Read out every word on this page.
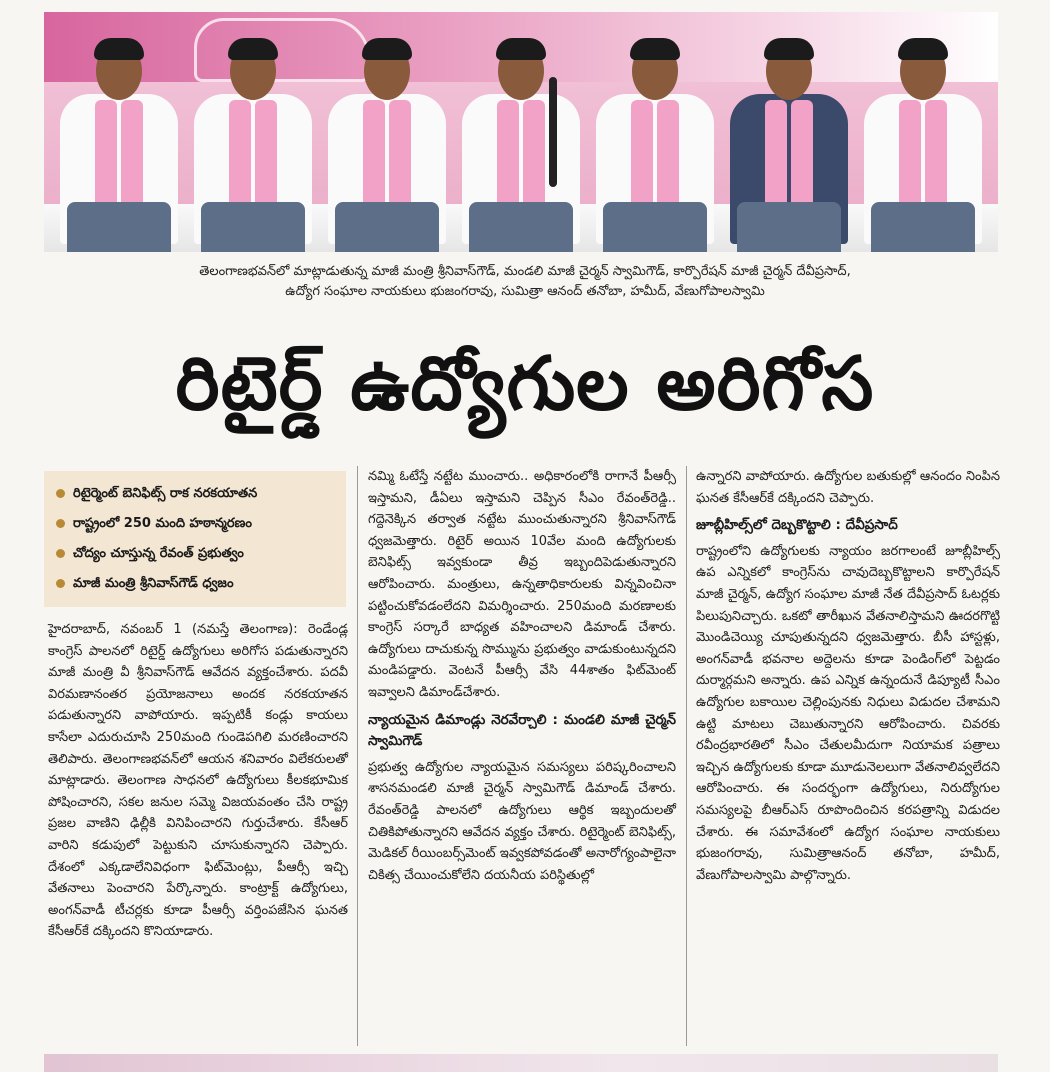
తెలంగాణభవన్‌లో మాట్లాడుతున్న మాజీ మంత్రి శ్రీనివాస్‌గౌడ్, మండలి మాజీ చైర్మన్ స్వామిగౌడ్, కార్పొరేషన్ మాజీ చైర్మన్ దేవీప్రసాద్,
ఉద్యోగ సంఘాల నాయకులు భుజంగరావు, సుమిత్రా ఆనంద్ తనోబా, హమీద్, వేణుగోపాలస్వామి
రిటైర్డ్ ఉద్యోగుల అరిగోస
రిటైర్మెంట్ బెనిఫిట్స్ రాక నరకయాతన
రాష్ట్రంలో 250 మంది హఠాన్మరణం
చోద్యం చూస్తున్న రేవంత్ ప్రభుత్వం
మాజీ మంత్రి శ్రీనివాస్‌గౌడ్ ధ్వజం

హైదరాబాద్, నవంబర్ 1 (నమస్తే తెలంగాణ): రెండేండ్ల కాంగ్రెస్ పాలనలో రిటైర్డ్ ఉద్యోగులు అరిగోస పడుతున్నారని మాజీ మంత్రి వీ శ్రీనివాస్‌గౌడ్ ఆవేదన వ్యక్తంచేశారు. పదవీ విరమణానంతర ప్రయోజనాలు అందక నరకయాతన పడుతున్నారని వాపోయారు. ఇప్పటికీ కండ్లు కాయలు కాసేలా ఎదురుచూసి 250మంది గుండెపగిలి మరణించారని తెలిపారు. తెలంగాణభవన్‌లో ఆయన శనివారం విలేకరులతో మాట్లాడారు. తెలంగాణ సాధనలో ఉద్యోగులు కీలకభూమిక పోషించారని, సకల జనుల సమ్మె విజయవంతం చేసి రాష్ట్ర ప్రజల వాణిని ఢిల్లీకి వినిపించారని గుర్తుచేశారు. కేసీఆర్ వారిని కడుపులో పెట్టుకుని చూసుకున్నారని చెప్పారు. దేశంలో ఎక్కడాలేనివిధంగా ఫిట్‌మెంట్లు, పీఆర్సీ ఇచ్చి వేతనాలు పెంచారని పేర్కొన్నారు. కాంట్రాక్ట్ ఉద్యోగులు, అంగన్‌వాడీ టీచర్లకు కూడా పీఆర్సీ వర్తింపజేసిన ఘనత కేసీఆర్‌కే దక్కిందని కొనియాడారు.

నమ్మి ఓటేస్తే నట్టేట ముంచారు.. అధికారంలోకి రాగానే పీఆర్సీ ఇస్తామని, డీఏలు ఇస్తామని చెప్పిన సీఎం రేవంత్‌రెడ్డి.. గద్దెనెక్కిన తర్వాత నట్టేట ముంచుతున్నారని శ్రీనివాస్‌గౌడ్ ధ్వజమెత్తారు. రిటైర్ అయిన 10వేల మంది ఉద్యోగులకు బెనిఫిట్స్ ఇవ్వకుండా తీవ్ర ఇబ్బందిపెడుతున్నారని ఆరోపించారు. మంత్రులు, ఉన్నతాధికారులకు విన్నవించినా పట్టించుకోవడంలేదని విమర్శించారు. 250మంది మరణాలకు కాంగ్రెస్ సర్కారే బాధ్యత వహించాలని డిమాండ్ చేశారు. ఉద్యోగులు దాచుకున్న సొమ్మును ప్రభుత్వం వాడుకుంటున్నదని మండిపడ్డారు. వెంటనే పీఆర్సీ వేసి 44శాతం ఫిట్‌మెంట్ ఇవ్వాలని డిమాండ్‌చేశారు.

న్యాయమైన డిమాండ్లు నెరవేర్చాలి : మండలి మాజీ చైర్మన్ స్వామిగౌడ్

ప్రభుత్వ ఉద్యోగుల న్యాయమైన సమస్యలు పరిష్కరించాలని శాసనమండలి మాజీ చైర్మన్ స్వామిగౌడ్ డిమాండ్ చేశారు. రేవంత్‌రెడ్డి పాలనలో ఉద్యోగులు ఆర్థిక ఇబ్బందులతో చితికిపోతున్నారని ఆవేదన వ్యక్తం చేశారు. రిటైర్మెంట్ బెనిఫిట్స్, మెడికల్ రీయింబర్స్‌మెంట్ ఇవ్వకపోవడంతో అనారోగ్యంపాలైనా చికిత్స చేయించుకోలేని దయనీయ పరిస్థితుల్లో

ఉన్నారని వాపోయారు. ఉద్యోగుల బతుకుల్లో ఆనందం నింపిన ఘనత కేసీఆర్‌కే దక్కిందని చెప్పారు.

జూబ్లీహిల్స్‌లో దెబ్బకొట్టాలి : దేవీప్రసాద్

రాష్ట్రంలోని ఉద్యోగులకు న్యాయం జరగాలంటే జూబ్లీహిల్స్ ఉప ఎన్నికలో కాంగ్రెస్‌ను చావుదెబ్బకొట్టాలని కార్పొరేషన్ మాజీ చైర్మన్, ఉద్యోగ సంఘాల మాజీ నేత దేవీప్రసాద్ ఓటర్లకు పిలుపునిచ్చారు. ఒకటో తారీఖున వేతనాలిస్తామని ఊదరగొట్టి మొండిచెయ్యి చూపుతున్నదని ధ్వజమెత్తారు. బీసీ హాస్టళ్లు, అంగన్‌వాడీ భవనాల అద్దెలను కూడా పెండింగ్‌లో పెట్టడం దుర్మార్గమని అన్నారు. ఉప ఎన్నిక ఉన్నందునే డిప్యూటీ సీఎం ఉద్యోగుల బకాయిల చెల్లింపునకు నిధులు విడుదల చేశామని ఉట్టి మాటలు చెబుతున్నారని ఆరోపించారు. చివరకు రవీంద్రభారతిలో సీఎం చేతులమీదుగా నియామక పత్రాలు ఇచ్చిన ఉద్యోగులకు కూడా మూడునెలలుగా వేతనాలివ్వలేదని ఆరోపించారు. ఈ సందర్భంగా ఉద్యోగులు, నిరుద్యోగుల సమస్యలపై బీఆర్ఎస్ రూపొందించిన కరపత్రాన్ని విడుదల చేశారు. ఈ సమావేశంలో ఉద్యోగ సంఘాల నాయకులు భుజంగరావు, సుమిత్రాఆనంద్ తనోబా, హమీద్, వేణుగోపాలస్వామి పాల్గొన్నారు.
